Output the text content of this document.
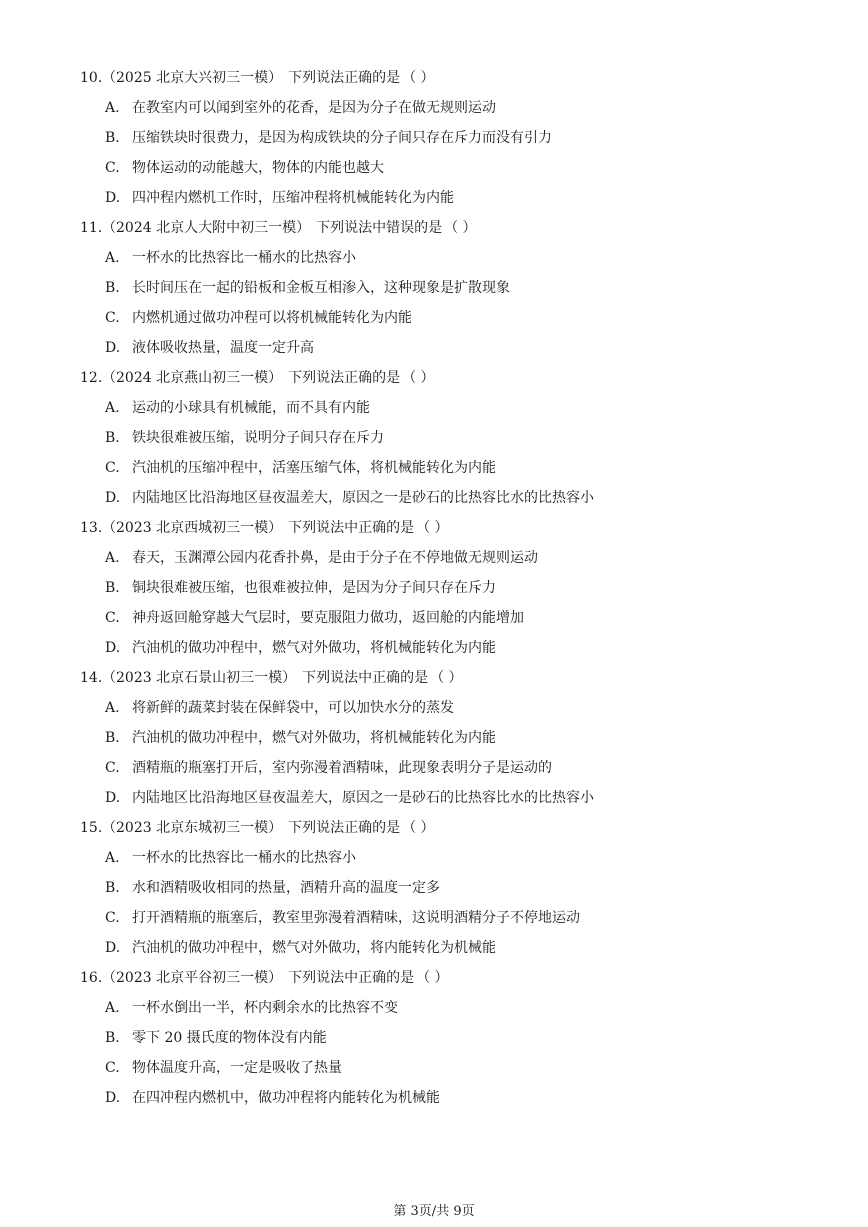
10. （2025 北京大兴初三一模） 下列说法正确的是 （ ）
A. 在教室内可以闻到室外的花香，是因为分子在做无规则运动
B. 压缩铁块时很费力，是因为构成铁块的分子间只存在斥力而没有引力
C. 物体运动的动能越大，物体的内能也越大
D. 四冲程内燃机工作时，压缩冲程将机械能转化为内能
11. （2024 北京人大附中初三一模） 下列说法中错误的是 （ ）
A. 一杯水的比热容比一桶水的比热容小
B. 长时间压在一起的铅板和金板互相渗入，这种现象是扩散现象
C. 内燃机通过做功冲程可以将机械能转化为内能
D. 液体吸收热量，温度一定升高
12. （2024 北京燕山初三一模） 下列说法正确的是 （ ）
A. 运动的小球具有机械能，而不具有内能
B. 铁块很难被压缩，说明分子间只存在斥力
C. 汽油机的压缩冲程中，活塞压缩气体，将机械能转化为内能
D. 内陆地区比沿海地区昼夜温差大，原因之一是砂石的比热容比水的比热容小
13. （2023 北京西城初三一模） 下列说法中正确的是 （ ）
A. 春天，玉渊潭公园内花香扑鼻，是由于分子在不停地做无规则运动
B. 铜块很难被压缩，也很难被拉伸，是因为分子间只存在斥力
C. 神舟返回舱穿越大气层时，要克服阻力做功，返回舱的内能增加
D. 汽油机的做功冲程中，燃气对外做功，将机械能转化为内能
14. （2023 北京石景山初三一模） 下列说法中正确的是 （ ）
A. 将新鲜的蔬菜封装在保鲜袋中，可以加快水分的蒸发
B. 汽油机的做功冲程中，燃气对外做功，将机械能转化为内能
C. 酒精瓶的瓶塞打开后，室内弥漫着酒精味，此现象表明分子是运动的
D. 内陆地区比沿海地区昼夜温差大，原因之一是砂石的比热容比水的比热容小
15. （2023 北京东城初三一模） 下列说法正确的是 （ ）
A. 一杯水的比热容比一桶水的比热容小
B. 水和酒精吸收相同的热量，酒精升高的温度一定多
C. 打开酒精瓶的瓶塞后，教室里弥漫着酒精味，这说明酒精分子不停地运动
D. 汽油机的做功冲程中，燃气对外做功，将内能转化为机械能
16. （2023 北京平谷初三一模） 下列说法中正确的是 （ ）
A. 一杯水倒出一半，杯内剩余水的比热容不变
B. 零下 20 摄氏度的物体没有内能
C. 物体温度升高，一定是吸收了热量
D. 在四冲程内燃机中，做功冲程将内能转化为机械能
第 3页/共 9页
